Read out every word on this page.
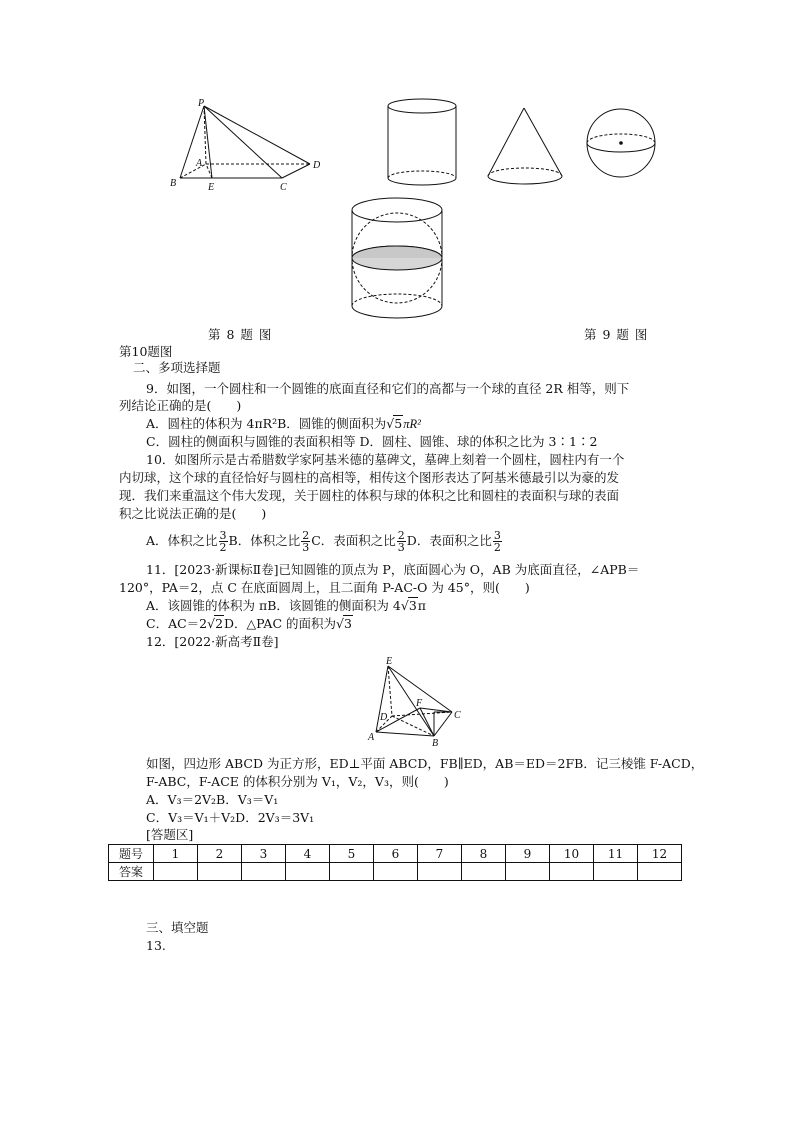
P
A
B	E	C
D
第 8 题 图	第 9 题 图
第10题图
二、多项选择题
9．如图，一个圆柱和一个圆锥的底面直径和它们的高都与一个球的直径 2R 相等，则下
列结论正确的是(　　)
A．圆柱的体积为 4πR²B．圆锥的侧面积为√5πR²
C．圆柱的侧面积与圆锥的表面积相等 D．圆柱、圆锥、球的体积之比为 3∶1∶2
10．如图所示是古希腊数学家阿基米德的墓碑文，墓碑上刻着一个圆柱，圆柱内有一个
内切球，这个球的直径恰好与圆柱的高相等，相传这个图形表达了阿基米德最引以为豪的发
现．我们来重温这个伟大发现，关于圆柱的体积与球的体积之比和圆柱的表面积与球的表面
积之比说法正确的是(　　)
A．体积之比 $\frac{3}{2}$ B．体积之比 $\frac{2}{3}$ C．表面积之比 $\frac{2}{3}$ D．表面积之比 $\frac{3}{2}$
11．[2023·新课标Ⅱ卷]已知圆锥的顶点为 P，底面圆心为 O，AB 为底面直径，∠APB＝
120°，PA＝2，点 C 在底面圆周上，且二面角 P-AC-O 为 45°，则(　　)
A．该圆锥的体积为 πB．该圆锥的侧面积为 4√3π
C．AC＝2√2D．△PAC 的面积为√3
12．[2022·新高考Ⅱ卷]
E
D
F
C
A
B
如图，四边形 ABCD 为正方形，ED⊥平面 ABCD，FB∥ED，AB＝ED＝2FB．记三棱锥 F-ACD，
F-ABC，F-ACE 的体积分别为 V₁，V₂，V₃，则(　　)
A．V₃＝2V₂B．V₃＝V₁
C．V₃＝V₁＋V₂D．2V₃＝3V₁
[答题区]
题号	1	2	3	4	5	6	7	8	9	10	11	12
答案												
三、填空题
13.
